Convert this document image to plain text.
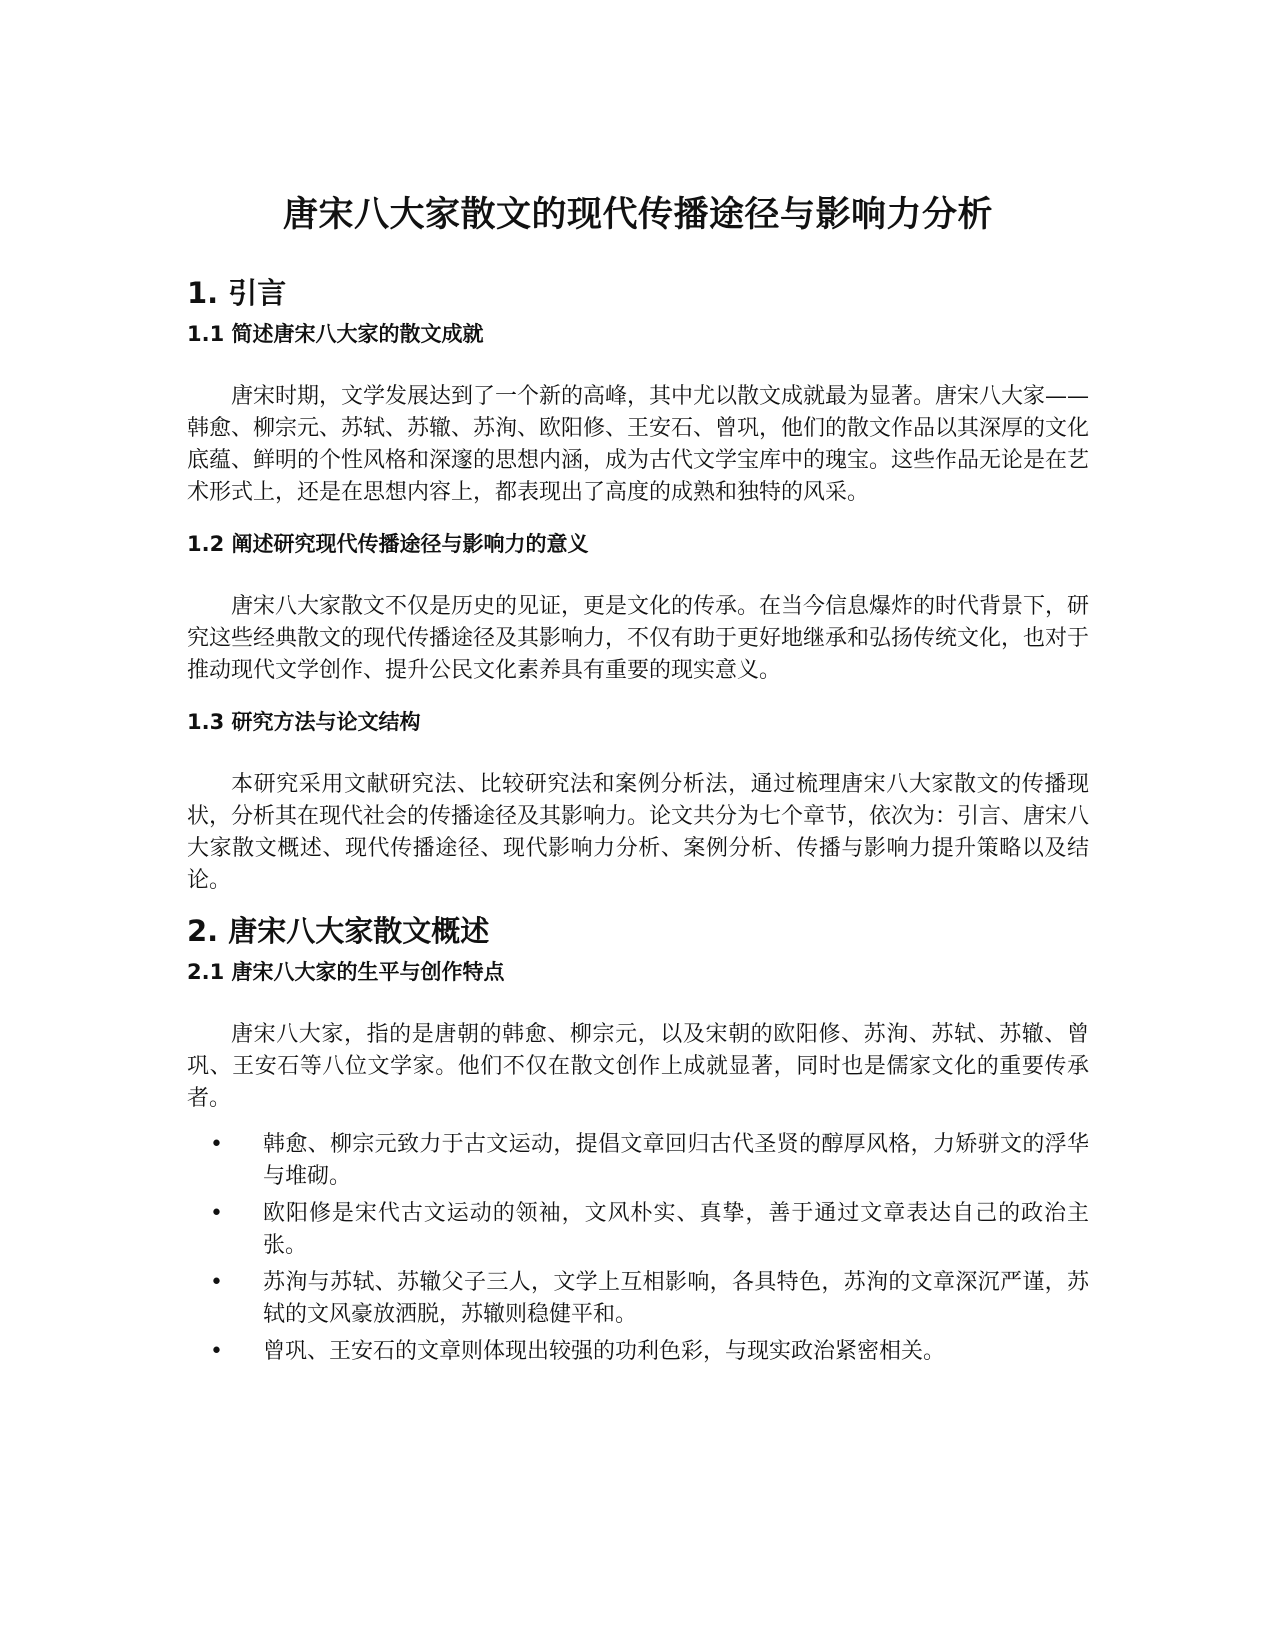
唐宋八大家散文的现代传播途径与影响力分析
1. 引言
1.1 简述唐宋八大家的散文成就

唐宋时期，文学发展达到了一个新的高峰，其中尤以散文成就最为显著。唐宋八大家——韩愈、柳宗元、苏轼、苏辙、苏洵、欧阳修、王安石、曾巩，他们的散文作品以其深厚的文化底蕴、鲜明的个性风格和深邃的思想内涵，成为古代文学宝库中的瑰宝。这些作品无论是在艺术形式上，还是在思想内容上，都表现出了高度的成熟和独特的风采。

1.2 阐述研究现代传播途径与影响力的意义

唐宋八大家散文不仅是历史的见证，更是文化的传承。在当今信息爆炸的时代背景下，研究这些经典散文的现代传播途径及其影响力，不仅有助于更好地继承和弘扬传统文化，也对于推动现代文学创作、提升公民文化素养具有重要的现实意义。

1.3 研究方法与论文结构

本研究采用文献研究法、比较研究法和案例分析法，通过梳理唐宋八大家散文的传播现状，分析其在现代社会的传播途径及其影响力。论文共分为七个章节，依次为：引言、唐宋八大家散文概述、现代传播途径、现代影响力分析、案例分析、传播与影响力提升策略以及结论。

2. 唐宋八大家散文概述
2.1 唐宋八大家的生平与创作特点

唐宋八大家，指的是唐朝的韩愈、柳宗元，以及宋朝的欧阳修、苏洵、苏轼、苏辙、曾巩、王安石等八位文学家。他们不仅在散文创作上成就显著，同时也是儒家文化的重要传承者。

• 韩愈、柳宗元致力于古文运动，提倡文章回归古代圣贤的醇厚风格，力矫骈文的浮华与堆砌。
• 欧阳修是宋代古文运动的领袖，文风朴实、真挚，善于通过文章表达自己的政治主张。
• 苏洵与苏轼、苏辙父子三人，文学上互相影响，各具特色，苏洵的文章深沉严谨，苏轼的文风豪放洒脱，苏辙则稳健平和。
• 曾巩、王安石的文章则体现出较强的功利色彩，与现实政治紧密相关。
